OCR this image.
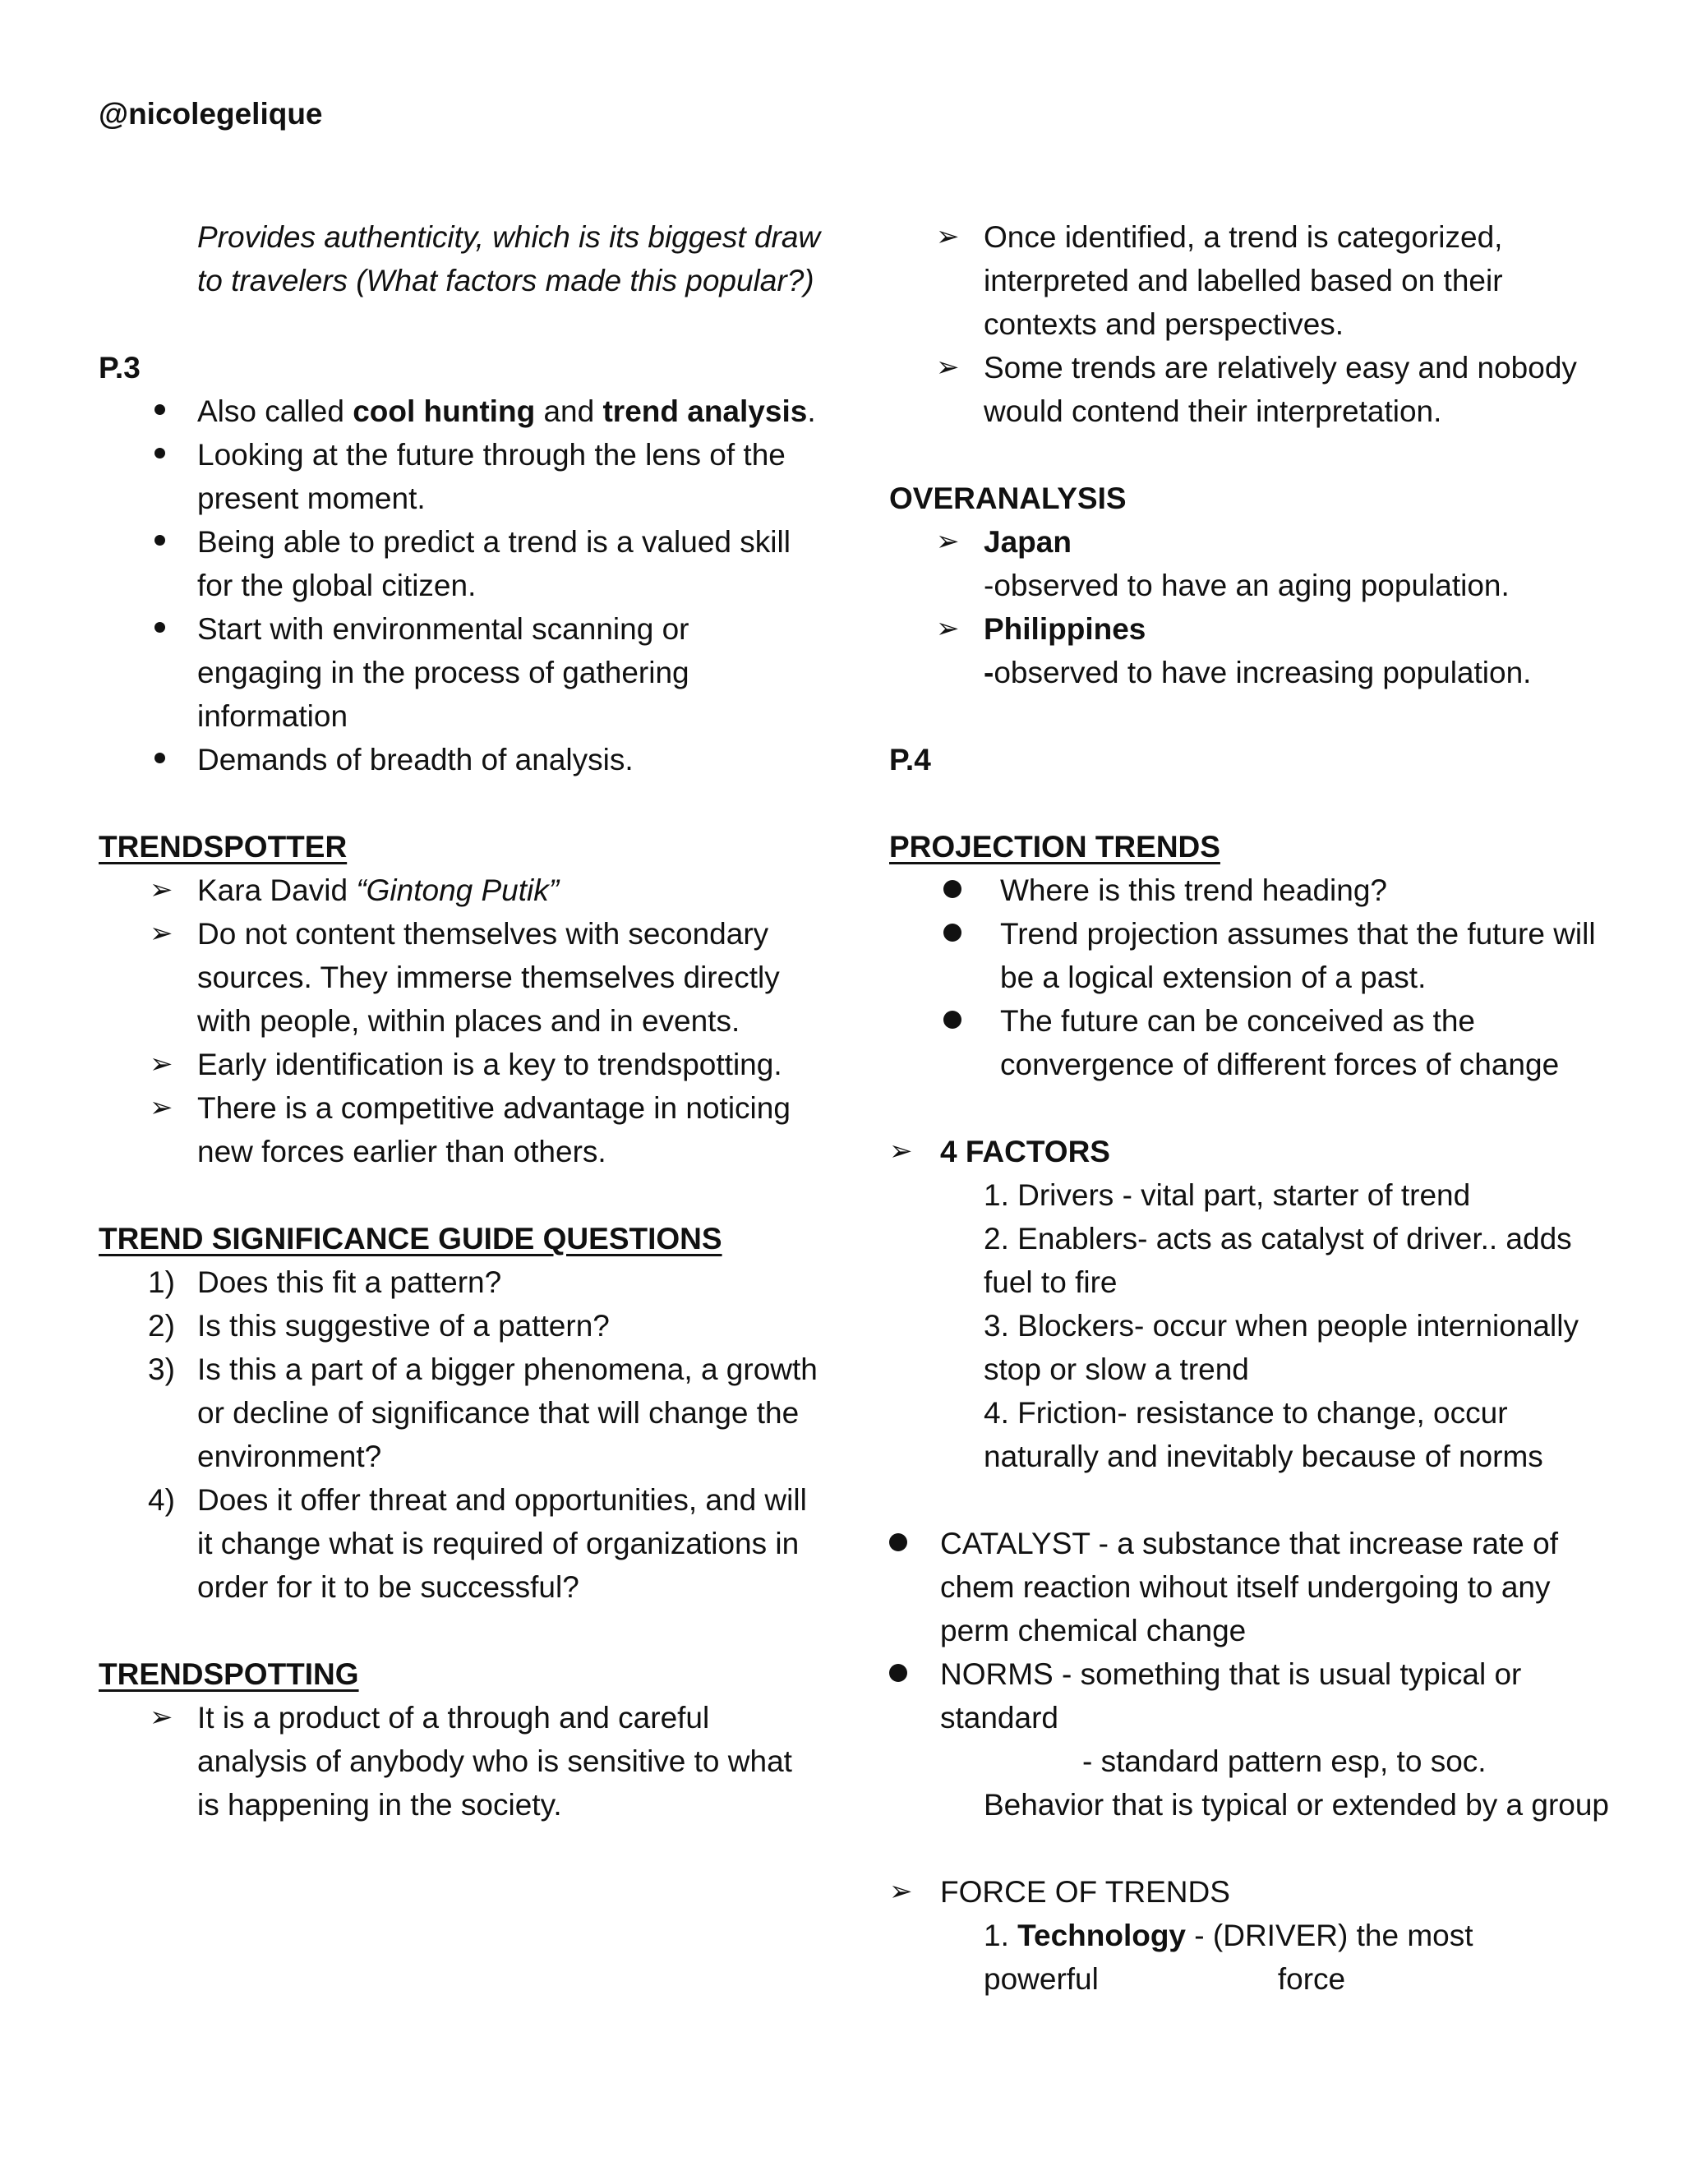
@nicolegelique

Provides authenticity, which is its biggest draw to travelers (What factors made this popular?)

P.3

Also called cool hunting and trend analysis.
Looking at the future through the lens of the present moment.
Being able to predict a trend is a valued skill for the global citizen.
Start with environmental scanning or engaging in the process of gathering information
Demands of breadth of analysis.

TRENDSPOTTER

➢ Kara David “Gintong Putik”
➢ Do not content themselves with secondary sources. They immerse themselves directly with people, within places and in events.
➢ Early identification is a key to trendspotting.
➢ There is a competitive advantage in noticing new forces earlier than others.

TREND SIGNIFICANCE GUIDE QUESTIONS

1) Does this fit a pattern?
2) Is this suggestive of a pattern?
3) Is this a part of a bigger phenomena, a growth or decline of significance that will change the environment?
4) Does it offer threat and opportunities, and will it change what is required of organizations in order for it to be successful?

TRENDSPOTTING

➢ It is a product of a through and careful analysis of anybody who is sensitive to what is happening in the society.
➢ Once identified, a trend is categorized, interpreted and labelled based on their contexts and perspectives.
➢ Some trends are relatively easy and nobody would contend their interpretation.

OVERANALYSIS

➢ Japan
-observed to have an aging population.
➢ Philippines
-observed to have increasing population.

P.4

PROJECTION TRENDS

Where is this trend heading?
Trend projection assumes that the future will be a logical extension of a past.
The future can be conceived as the convergence of different forces of change
➢ 4 FACTORS

1. Drivers - vital part, starter of trend

2. Enablers- acts as catalyst of driver.. adds fuel to fire

3. Blockers- occur when people internionally stop or slow a trend

4. Friction- resistance to change, occur naturally and inevitably because of norms

CATALYST - a substance that increase rate of chem reaction wihout itself undergoing to any perm chemical change
NORMS - something that is usual typical or standard

- standard pattern esp, to soc.

Behavior that is typical or extended by a group

➢ FORCE OF TRENDS

1. Technology - (DRIVER) the most

powerful	force
